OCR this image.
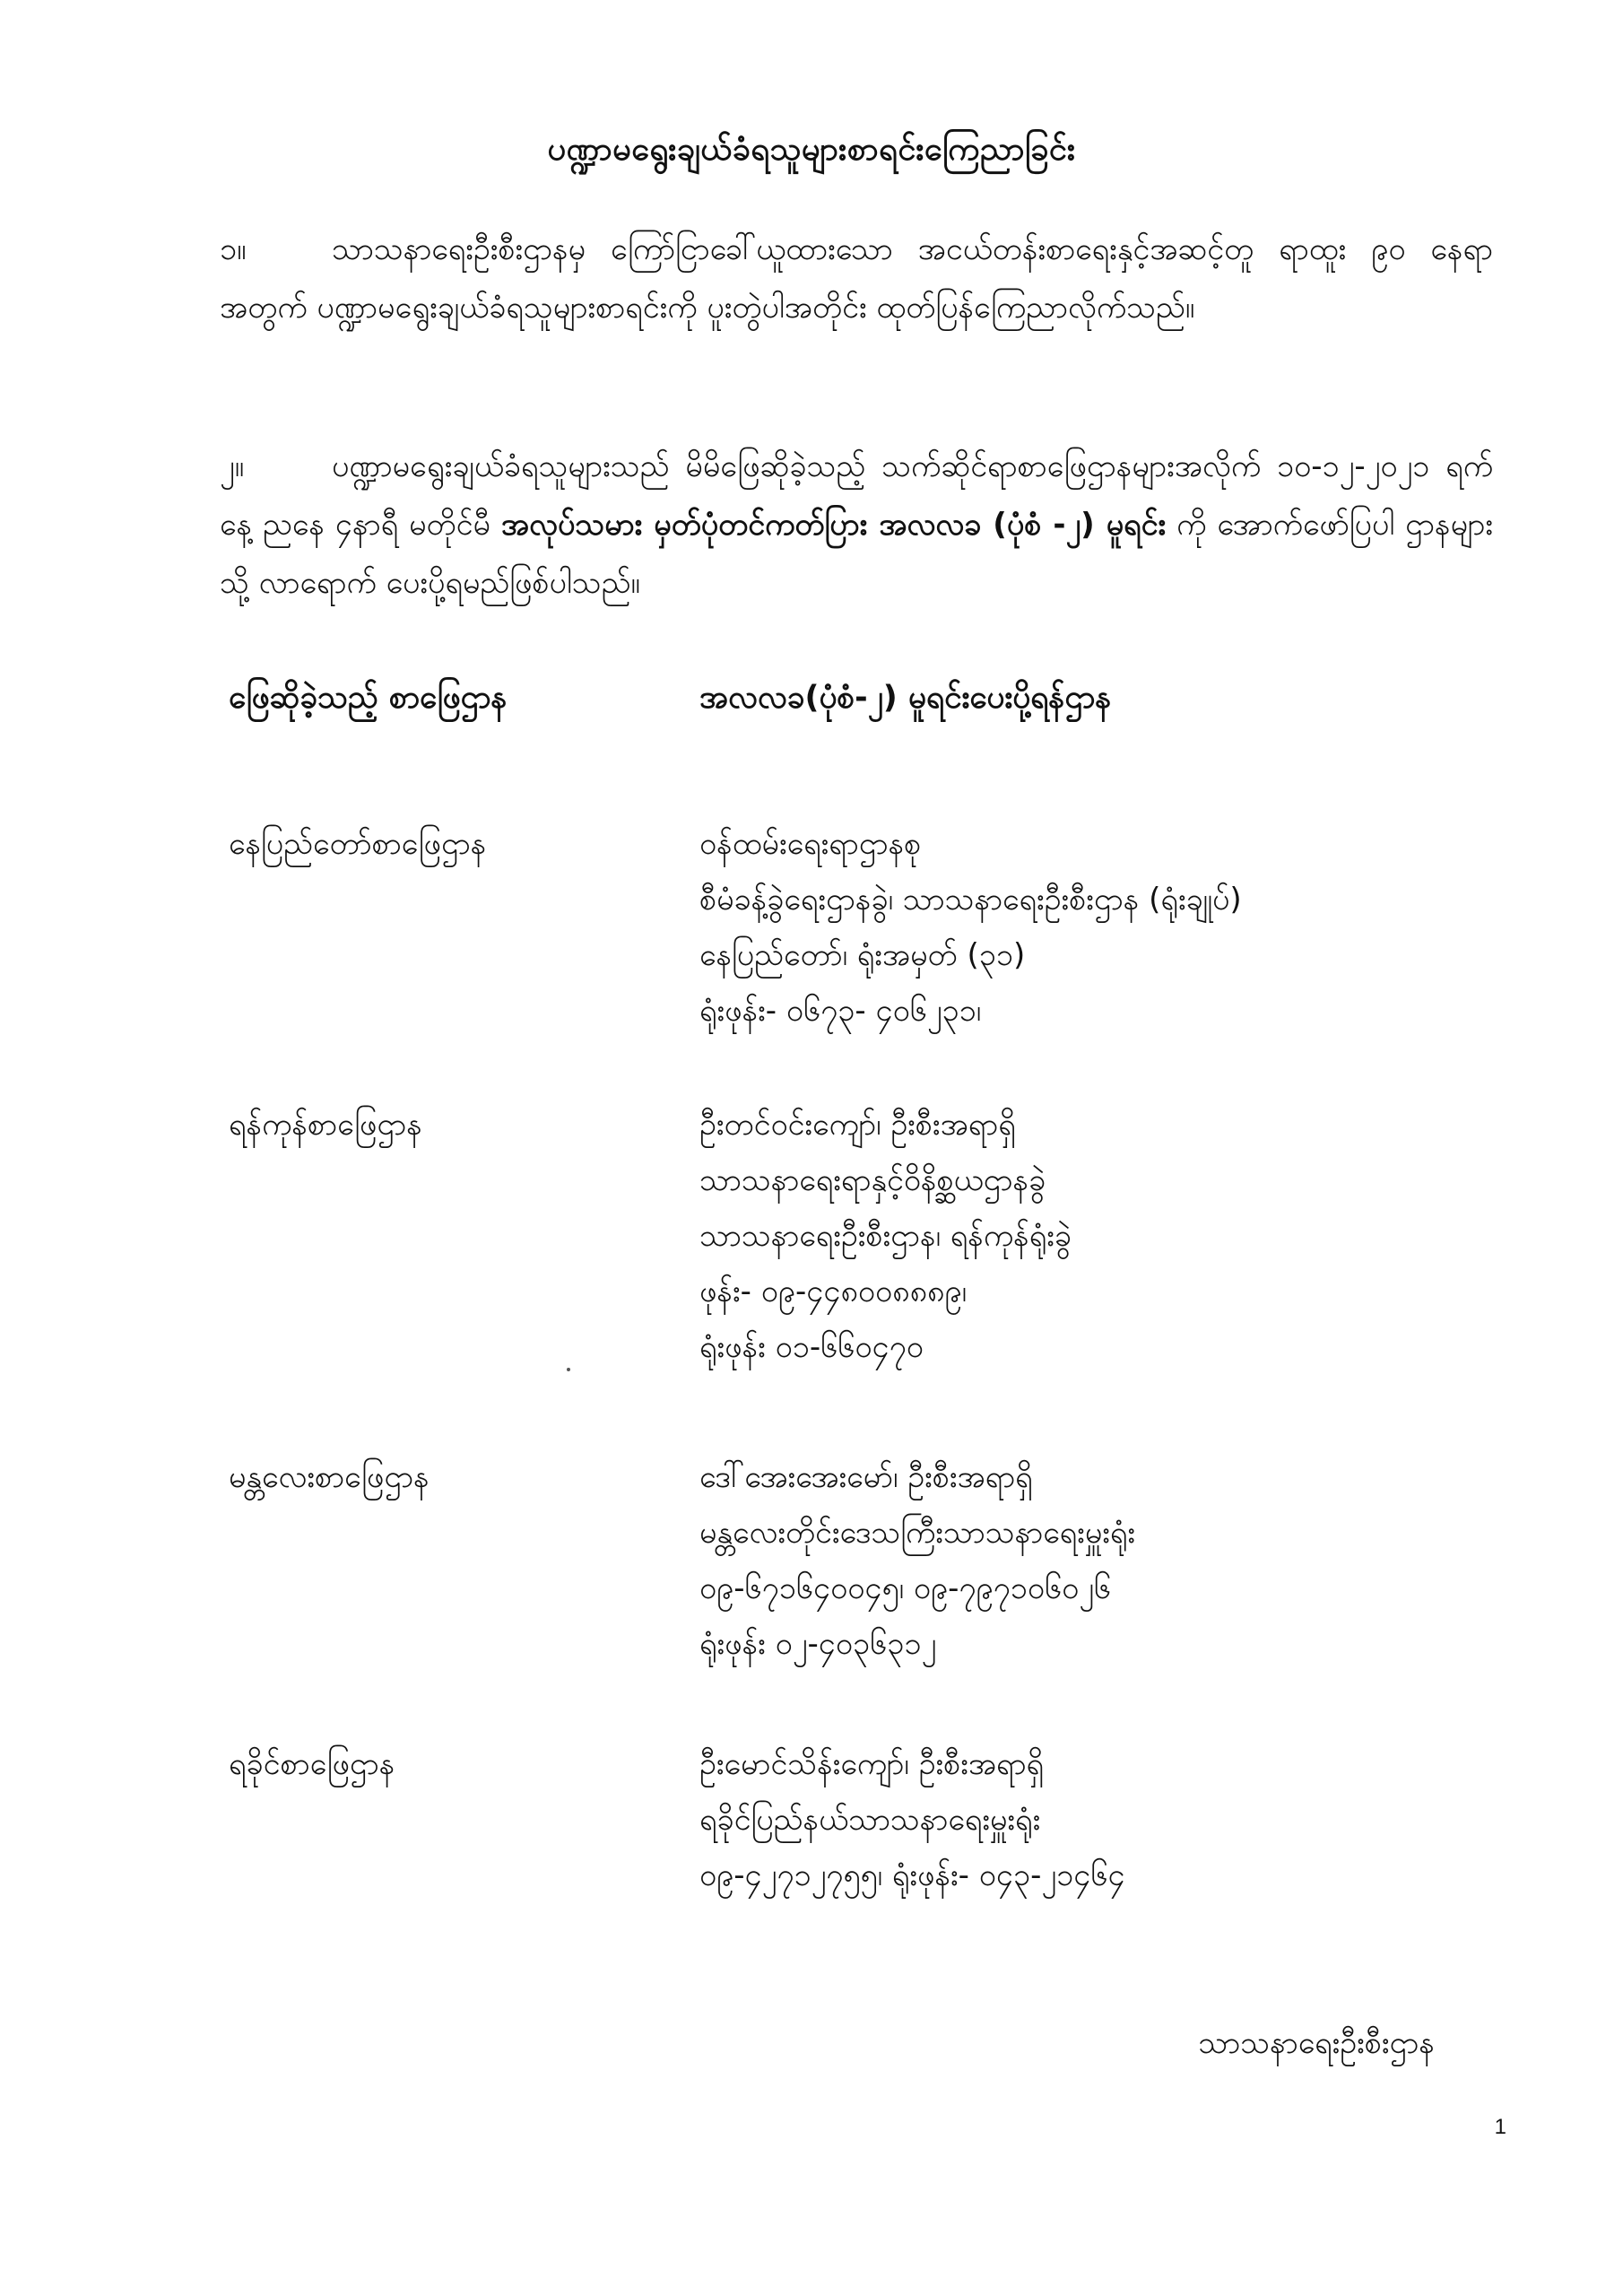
ပဏ္ဍာမရွေးချယ်ခံရသူများစာရင်းကြေညာခြင်း
၁။	သာသနာရေးဦးစီးဌာနမှ ကြော်ငြာခေါ်ယူထားသော အငယ်တန်းစာရေးနှင့်အဆင့်တူ ရာထူး ၉၀ နေရာအတွက် ပဏ္ဍာမရွေးချယ်ခံရသူများစာရင်းကို ပူးတွဲပါအတိုင်း ထုတ်ပြန်ကြေညာလိုက်သည်။
၂။	ပဏ္ဍာမရွေးချယ်ခံရသူများသည် မိမိဖြေဆိုခဲ့သည့် သက်ဆိုင်ရာစာဖြေဌာနများအလိုက် ၁၀-၁၂-၂၀၂၁ ရက်နေ့ ညနေ ၄နာရီ မတိုင်မီ အလုပ်သမား မှတ်ပုံတင်ကတ်ပြား အလလခ (ပုံစံ -၂) မူရင်း ကို အောက်ဖော်ပြပါ ဌာနများသို့ လာရောက် ပေးပို့ရမည်ဖြစ်ပါသည်။
ဖြေဆိုခဲ့သည့် စာဖြေဌာန	အလလခ(ပုံစံ-၂) မူရင်းပေးပို့ရန်ဌာန
နေပြည်တော်စာဖြေဌာန	ဝန်ထမ်းရေးရာဌာနစု
စီမံခန့်ခွဲရေးဌာနခွဲ၊ သာသနာရေးဦးစီးဌာန (ရုံးချုပ်)
နေပြည်တော်၊ ရုံးအမှတ် (၃၁)
ရုံးဖုန်း- ၀၆၇၃- ၄၀၆၂၃၁၊
ရန်ကုန်စာဖြေဌာန	ဦးတင်ဝင်းကျော်၊ ဦးစီးအရာရှိ
သာသနာရေးရာနှင့်ဝိနိစ္ဆယဌာနခွဲ
သာသနာရေးဦးစီးဌာန၊ ရန်ကုန်ရုံးခွဲ
ဖုန်း- ၀၉-၄၄၈၀၀၈၈၈၉၊
ရုံးဖုန်း ၀၁-၆၆၀၄၇၀
မန္တလေးစာဖြေဌာန	ဒေါ်အေးအေးမော်၊ ဦးစီးအရာရှိ
မန္တလေးတိုင်းဒေသကြီးသာသနာရေးမှူးရုံး
၀၉-၆၇၁၆၄၀၀၄၅၊ ၀၉-၇၉၇၁၀၆၀၂၆
ရုံးဖုန်း ၀၂-၄၀၃၆၃၁၂
ရခိုင်စာဖြေဌာန	ဦးမောင်သိန်းကျော်၊ ဦးစီးအရာရှိ
ရခိုင်ပြည်နယ်သာသနာရေးမှူးရုံး
၀၉-၄၂၇၁၂၇၅၅၊ ရုံးဖုန်း- ၀၄၃-၂၁၄၆၄
သာသနာရေးဦးစီးဌာန
1
